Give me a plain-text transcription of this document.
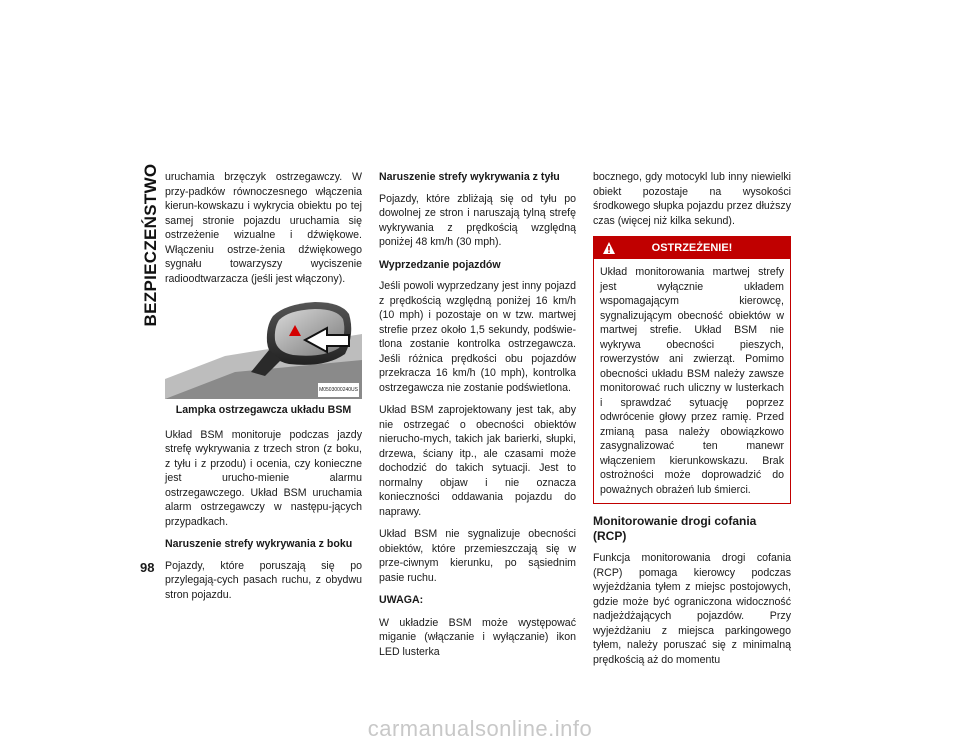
BEZPIECZEŃSTWO
98

uruchamia brzęczyk ostrzegawczy. W przy-padków równoczesnego włączenia kierun-kowskazu i wykrycia obiektu po tej samej stronie pojazdu uruchamia się ostrzeżenie wizualne i dźwiękowe. Włączeniu ostrze-żenia dźwiękowego sygnału towarzyszy wyciszenie radioodtwarzacza (jeśli jest włączony).

M0503000240US
Lampka ostrzegawcza układu BSM

Układ BSM monitoruje podczas jazdy strefę wykrywania z trzech stron (z boku, z tyłu i z przodu) i ocenia, czy konieczne jest urucho-mienie alarmu ostrzegawczego. Układ BSM uruchamia alarm ostrzegawczy w następu-jących przypadkach.

Naruszenie strefy wykrywania z boku

Pojazdy, które poruszają się po przylegają-cych pasach ruchu, z obydwu stron pojazdu.

Naruszenie strefy wykrywania z tyłu

Pojazdy, które zbliżają się od tyłu po dowolnej ze stron i naruszają tylną strefę wykrywania z prędkością względną poniżej 48 km/h (30 mph).

Wyprzedzanie pojazdów

Jeśli powoli wyprzedzany jest inny pojazd z prędkością względną poniżej 16 km/h (10 mph) i pozostaje on w tzw. martwej strefie przez około 1,5 sekundy, podświe-tlona zostanie kontrolka ostrzegawcza. Jeśli różnica prędkości obu pojazdów przekracza 16 km/h (10 mph), kontrolka ostrzegawcza nie zostanie podświetlona.

Układ BSM zaprojektowany jest tak, aby nie ostrzegać o obecności obiektów nierucho-mych, takich jak barierki, słupki, drzewa, ściany itp., ale czasami może dochodzić do takich sytuacji. Jest to normalny objaw i nie oznacza konieczności oddawania pojazdu do naprawy.

Układ BSM nie sygnalizuje obecności obiektów, które przemieszczają się w prze-ciwnym kierunku, po sąsiednim pasie ruchu.

UWAGA:

W układzie BSM może występować miganie (włączanie i wyłączanie) ikon LED lusterka

bocznego, gdy motocykl lub inny niewielki obiekt pozostaje na wysokości środkowego słupka pojazdu przez dłuższy czas (więcej niż kilka sekund).

OSTRZEŻENIE!
Układ monitorowania martwej strefy jest wyłącznie układem wspomagającym kierowcę, sygnalizującym obecność obiektów w martwej strefie. Układ BSM nie wykrywa obecności pieszych, rowerzystów ani zwierząt. Pomimo obecności układu BSM należy zawsze monitorować ruch uliczny w lusterkach i sprawdzać sytuację poprzez odwrócenie głowy przez ramię. Przed zmianą pasa należy obowiązkowo zasygnalizować ten manewr włączeniem kierunkowskazu. Brak ostrożności może doprowadzić do poważnych obrażeń lub śmierci.
Monitorowanie drogi cofania (RCP)

Funkcja monitorowania drogi cofania (RCP) pomaga kierowcy podczas wyjeżdżania tyłem z miejsc postojowych, gdzie może być ograniczona widoczność nadjeżdżających pojazdów. Przy wyjeżdżaniu z miejsca parkingowego tyłem, należy poruszać się z minimalną prędkością aż do momentu

carmanualsonline.info
